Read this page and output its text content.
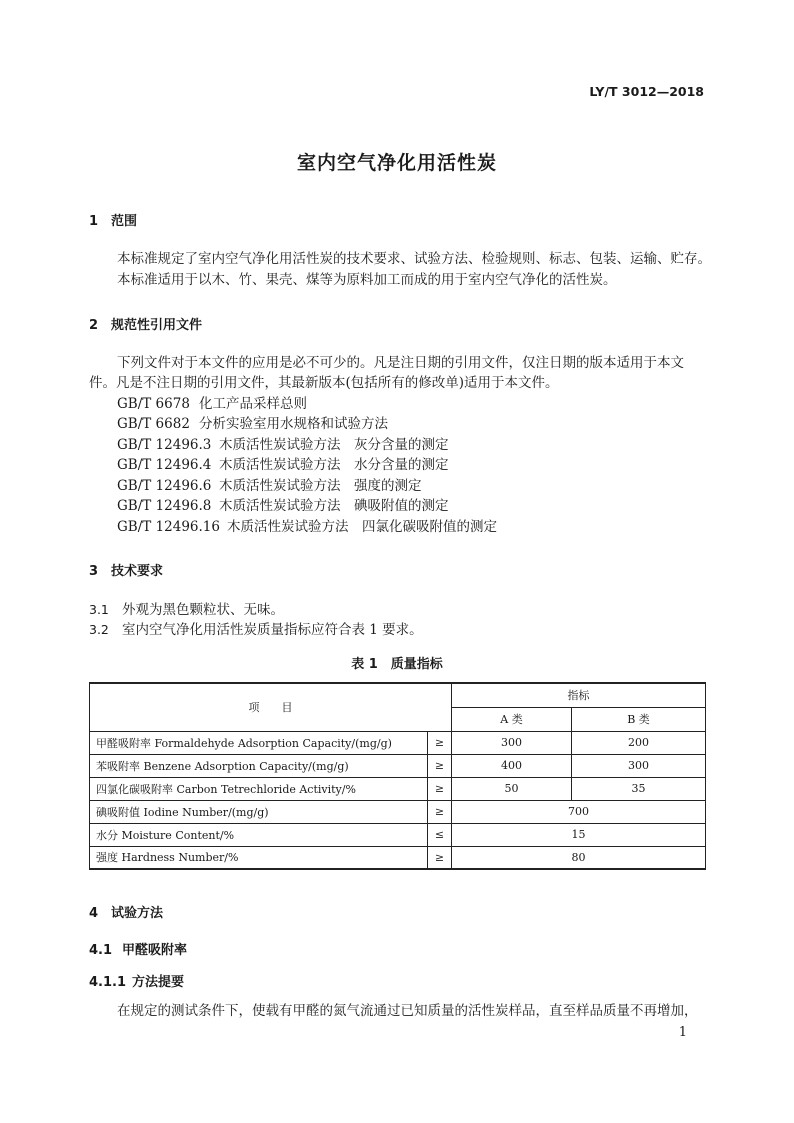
LY/T 3012—2018
室内空气净化用活性炭
1 范围
本标准规定了室内空气净化用活性炭的技术要求、试验方法、检验规则、标志、包装、运输、贮存。
本标准适用于以木、竹、果壳、煤等为原料加工而成的用于室内空气净化的活性炭。
2 规范性引用文件
下列文件对于本文件的应用是必不可少的。凡是注日期的引用文件，仅注日期的版本适用于本文
件。凡是不注日期的引用文件，其最新版本(包括所有的修改单)适用于本文件。
GB/T 6678 化工产品采样总则
GB/T 6682 分析实验室用水规格和试验方法
GB/T 12496.3 木质活性炭试验方法　灰分含量的测定
GB/T 12496.4 木质活性炭试验方法　水分含量的测定
GB/T 12496.6 木质活性炭试验方法　强度的测定
GB/T 12496.8 木质活性炭试验方法　碘吸附值的测定
GB/T 12496.16 木质活性炭试验方法　四氯化碳吸附值的测定
3 技术要求
3.1 外观为黑色颗粒状、无味。
3.2 室内空气净化用活性炭质量指标应符合表 1 要求。
表 1　质量指标
项　　目		指标	
		A 类	B 类
甲醛吸附率 Formaldehyde Adsorption Capacity/(mg/g)	≥	300	200
苯吸附率 Benzene Adsorption Capacity/(mg/g)	≥	400	300
四氯化碳吸附率 Carbon Tetrechloride Activity/%	≥	50	35
碘吸附值 Iodine Number/(mg/g)	≥	700	
水分 Moisture Content/%	≤	15	
强度 Hardness Number/%	≥	80	
4 试验方法
4.1 甲醛吸附率
4.1.1 方法提要
在规定的测试条件下，使载有甲醛的氮气流通过已知质量的活性炭样品，直至样品质量不再增加，
1
